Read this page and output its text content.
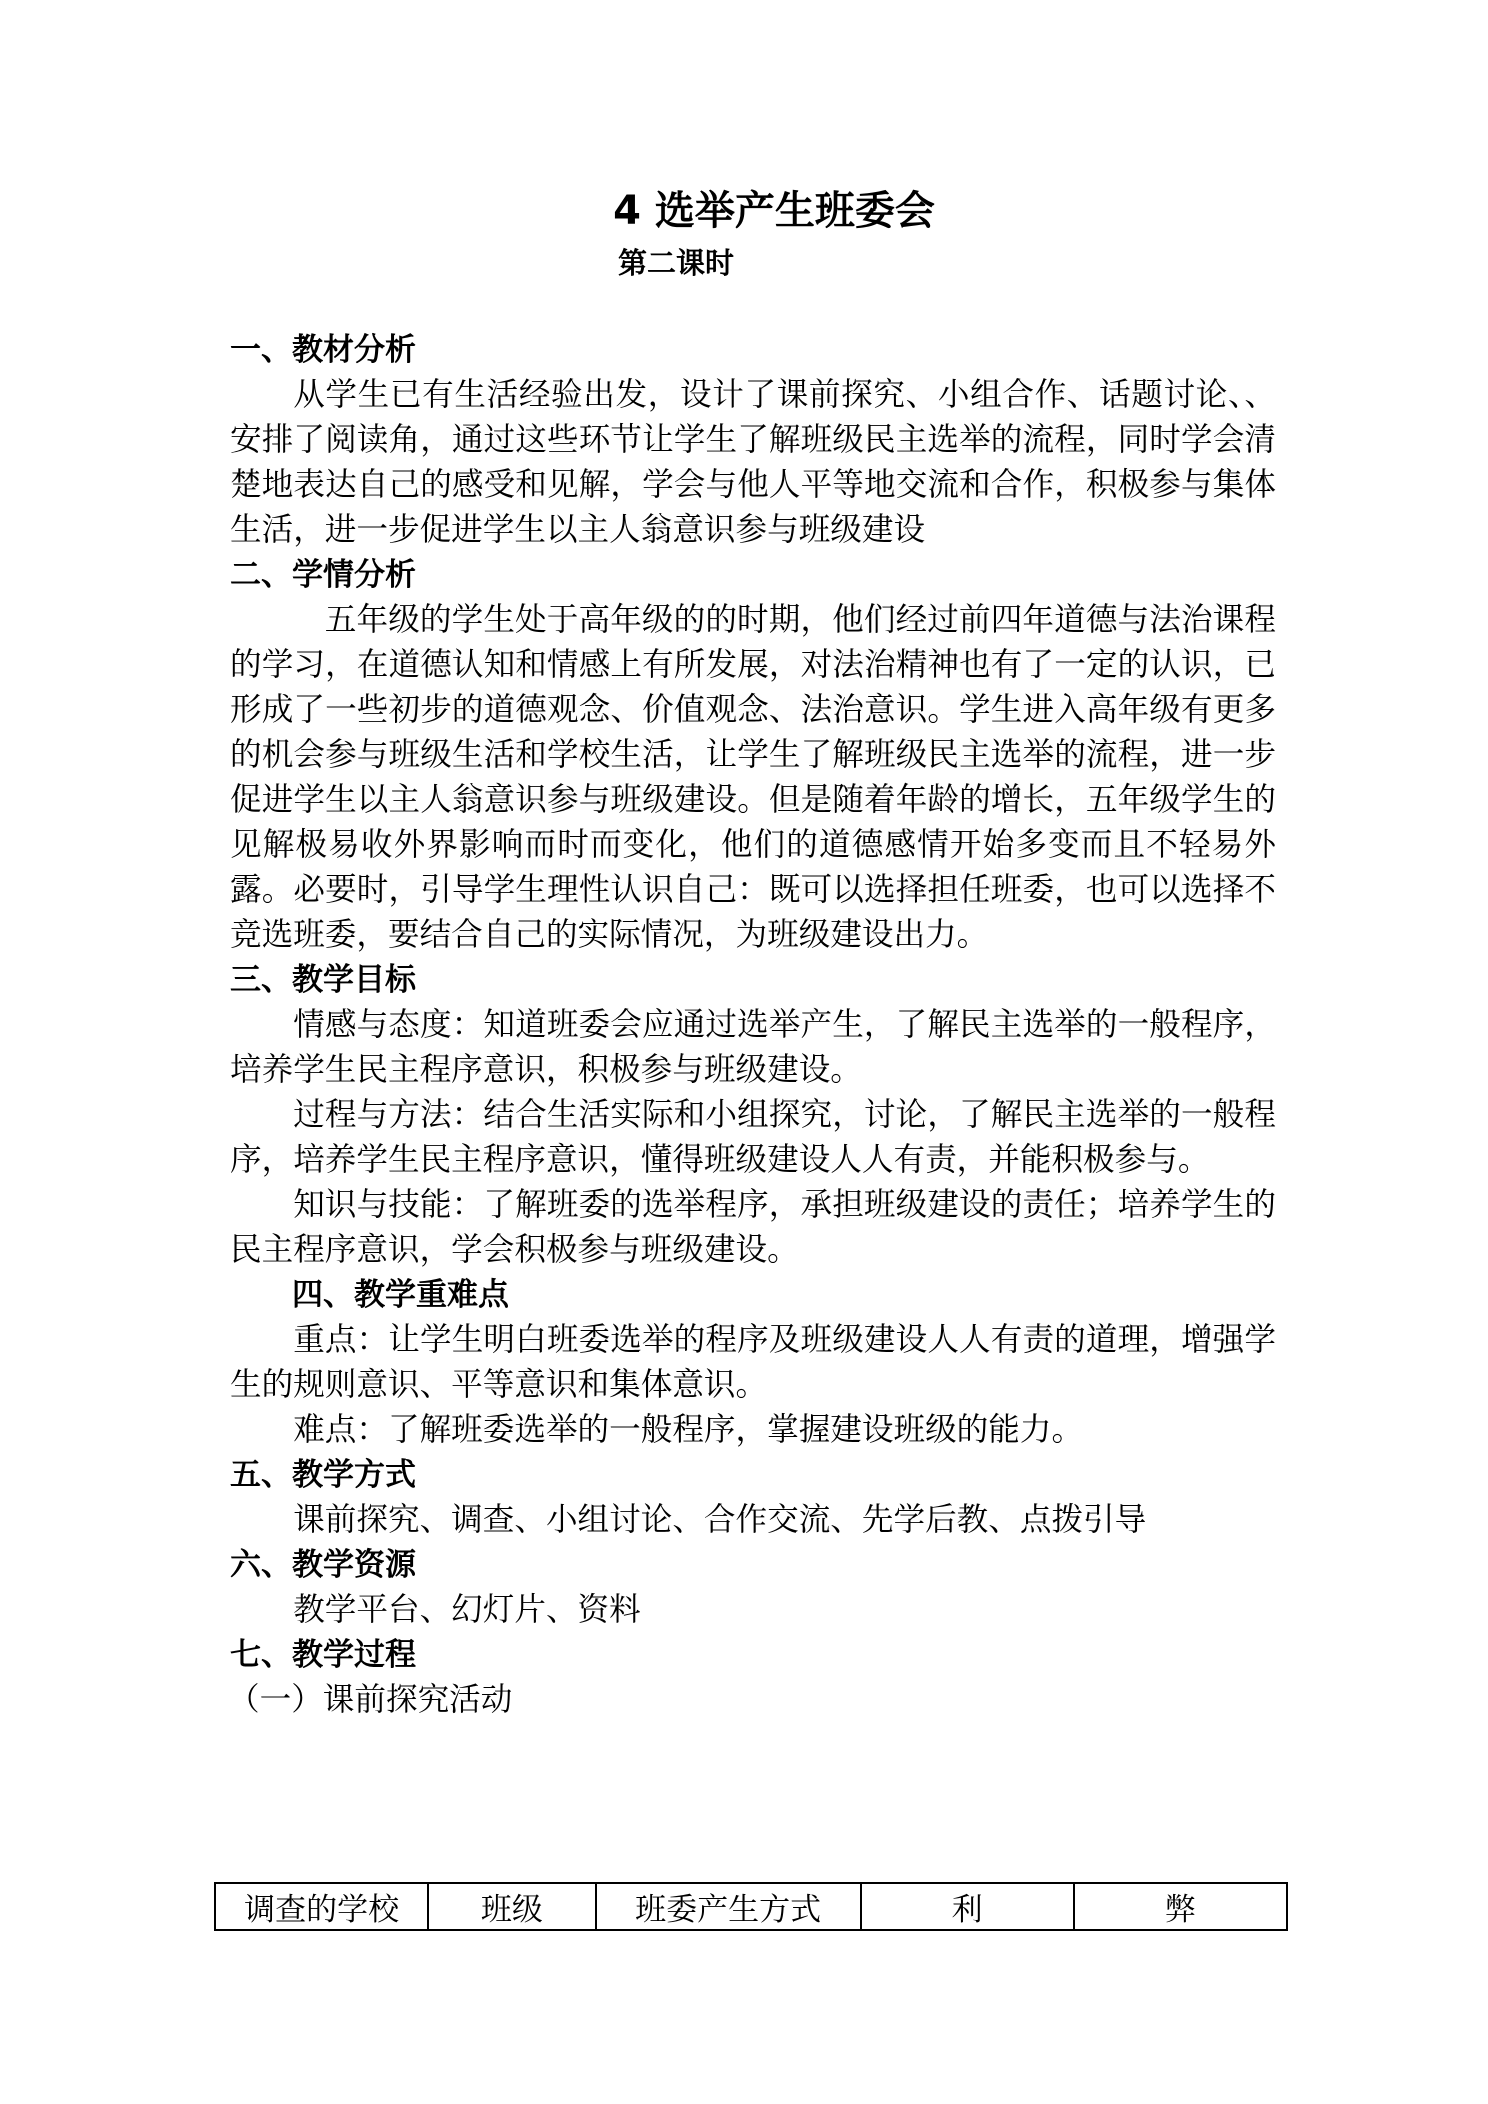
4 选举产生班委会
第二课时
一、教材分析
从学生已有生活经验出发，设计了课前探究、小组合作、话题讨论、、安排了阅读角，通过这些环节让学生了解班级民主选举的流程，同时学会清楚地表达自己的感受和见解，学会与他人平等地交流和合作，积极参与集体生活，进一步促进学生以主人翁意识参与班级建设
二、学情分析
五年级的学生处于高年级的的时期，他们经过前四年道德与法治课程的学习，在道德认知和情感上有所发展，对法治精神也有了一定的认识，已形成了一些初步的道德观念、价值观念、法治意识。学生进入高年级有更多的机会参与班级生活和学校生活，让学生了解班级民主选举的流程，进一步促进学生以主人翁意识参与班级建设。但是随着年龄的增长，五年级学生的见解极易收外界影响而时而变化，他们的道德感情开始多变而且不轻易外露。必要时，引导学生理性认识自己：既可以选择担任班委，也可以选择不竞选班委，要结合自己的实际情况，为班级建设出力。
三、教学目标
情感与态度：知道班委会应通过选举产生，了解民主选举的一般程序，培养学生民主程序意识，积极参与班级建设。
过程与方法：结合生活实际和小组探究，讨论，了解民主选举的一般程序，培养学生民主程序意识，懂得班级建设人人有责，并能积极参与。
知识与技能：了解班委的选举程序，承担班级建设的责任；培养学生的民主程序意识，学会积极参与班级建设。
四、教学重难点
重点：让学生明白班委选举的程序及班级建设人人有责的道理，增强学生的规则意识、平等意识和集体意识。
难点：了解班委选举的一般程序，掌握建设班级的能力。
五、教学方式
课前探究、调查、小组讨论、合作交流、先学后教、点拨引导
六、教学资源
教学平台、幻灯片、资料
七、教学过程
（一）课前探究活动
调查的学校	班级	班委产生方式	利	弊
